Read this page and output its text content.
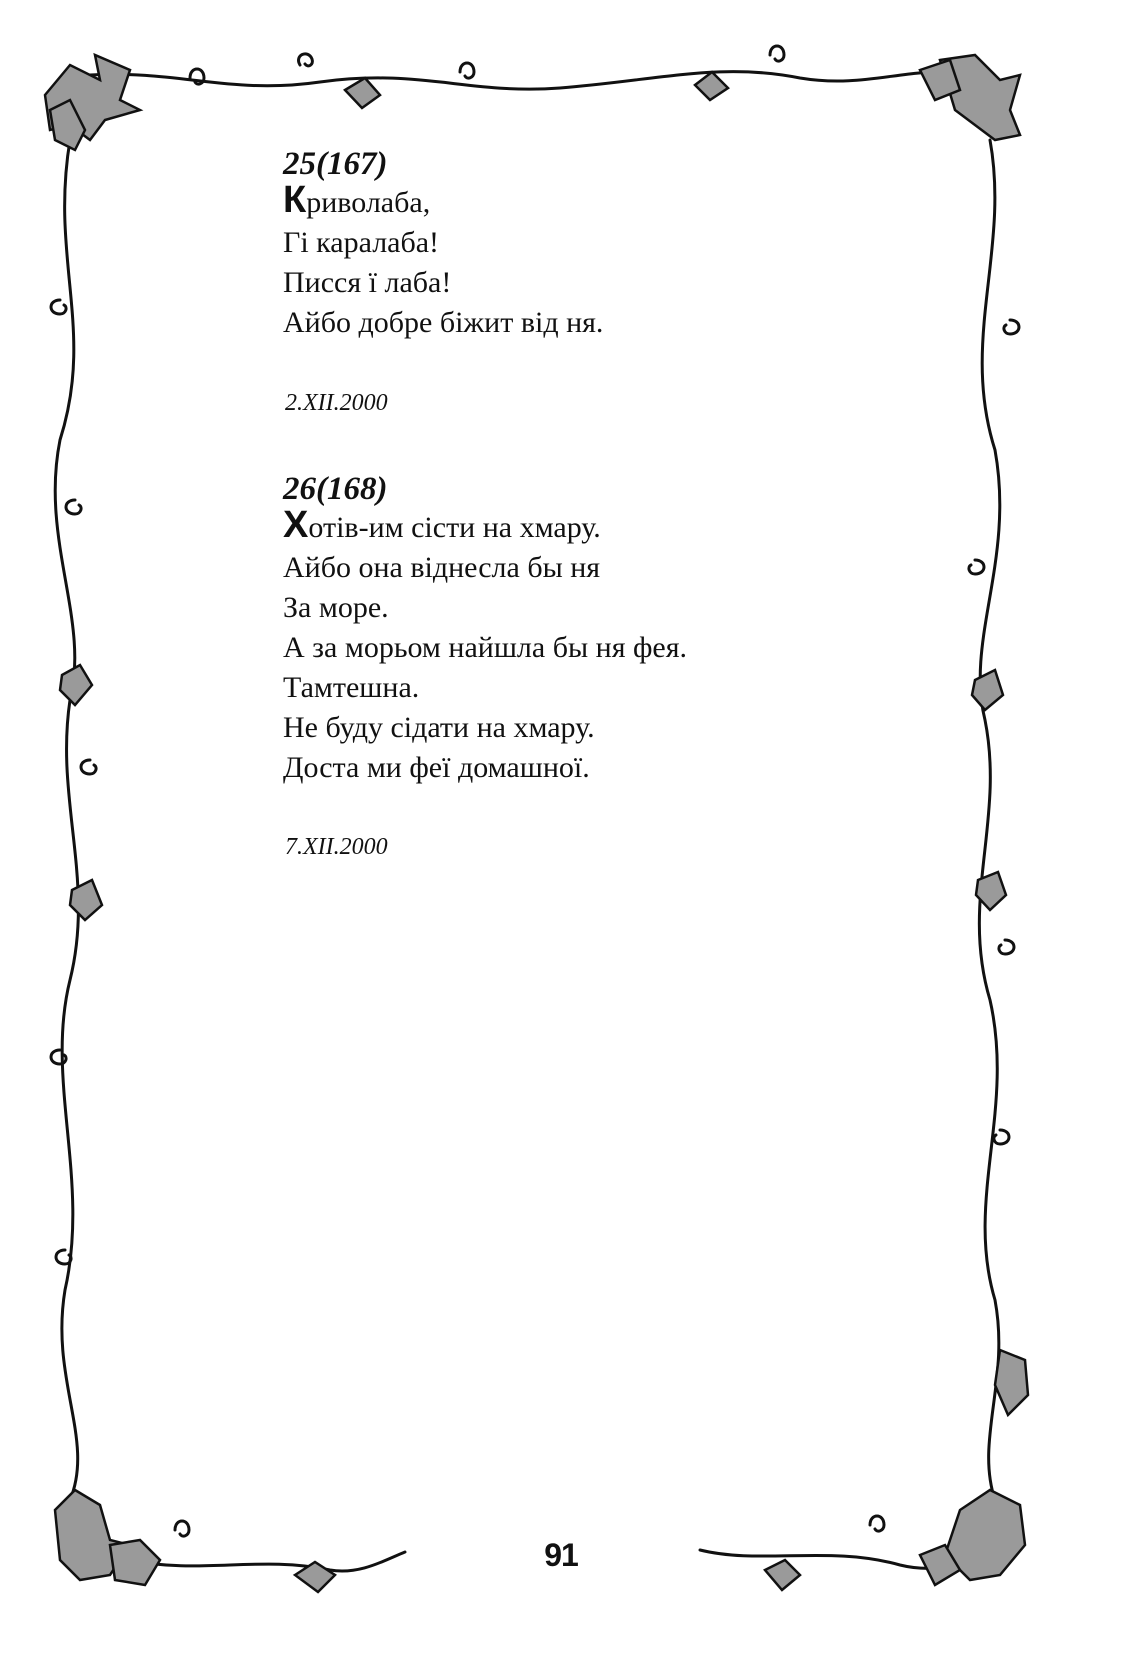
25(167)

Криволаба,

Гі каралаба!

Писся ї лаба!

Айбо добре біжит від ня.

2.XII.2000

26(168)

Хотів-им сісти на хмару.

Айбо она віднесла бы ня

За море.

А за морьом найшла бы ня фея.

Тамтешна.

Не буду сідати на хмару.

Доста ми феї домашної.

7.XII.2000
91
